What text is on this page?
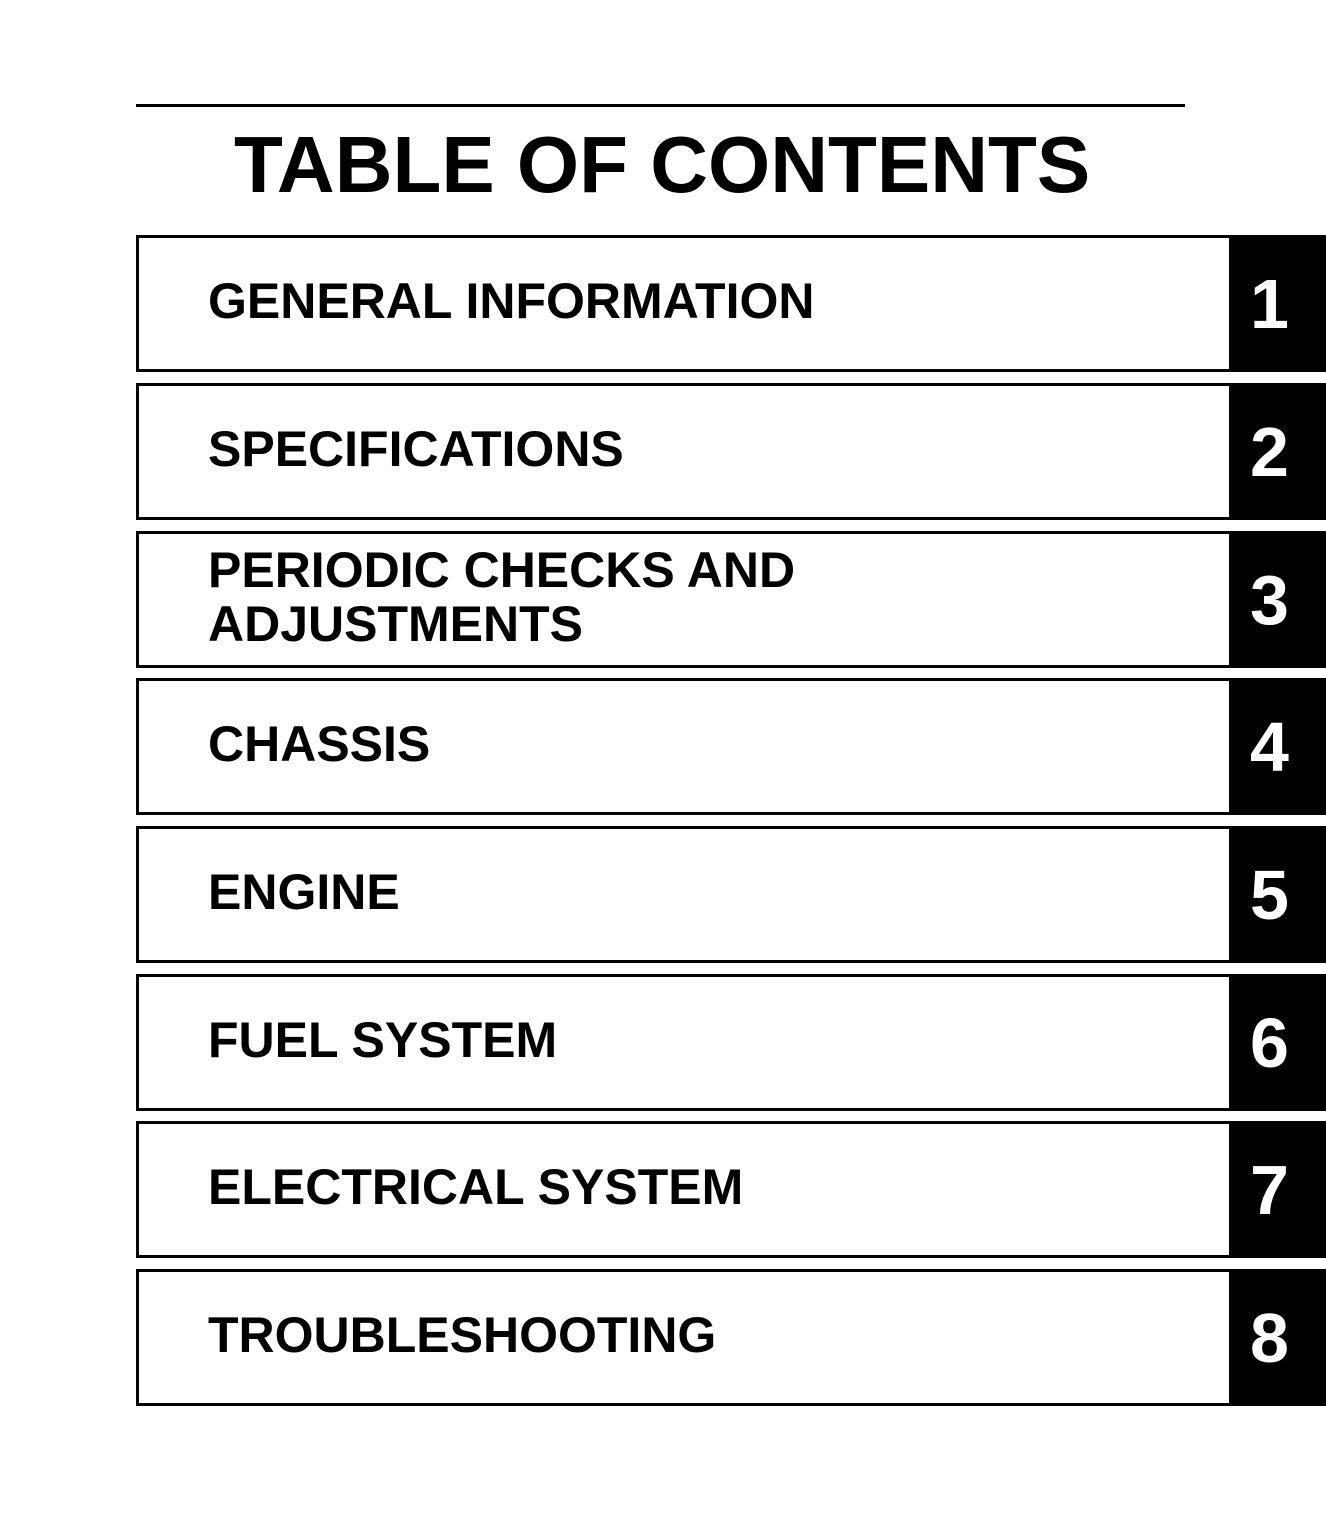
TABLE OF CONTENTS
GENERAL INFORMATION	1
SPECIFICATIONS	2
PERIODIC CHECKS AND
ADJUSTMENTS	3
CHASSIS	4
ENGINE	5
FUEL SYSTEM	6
ELECTRICAL SYSTEM	7
TROUBLESHOOTING	8
